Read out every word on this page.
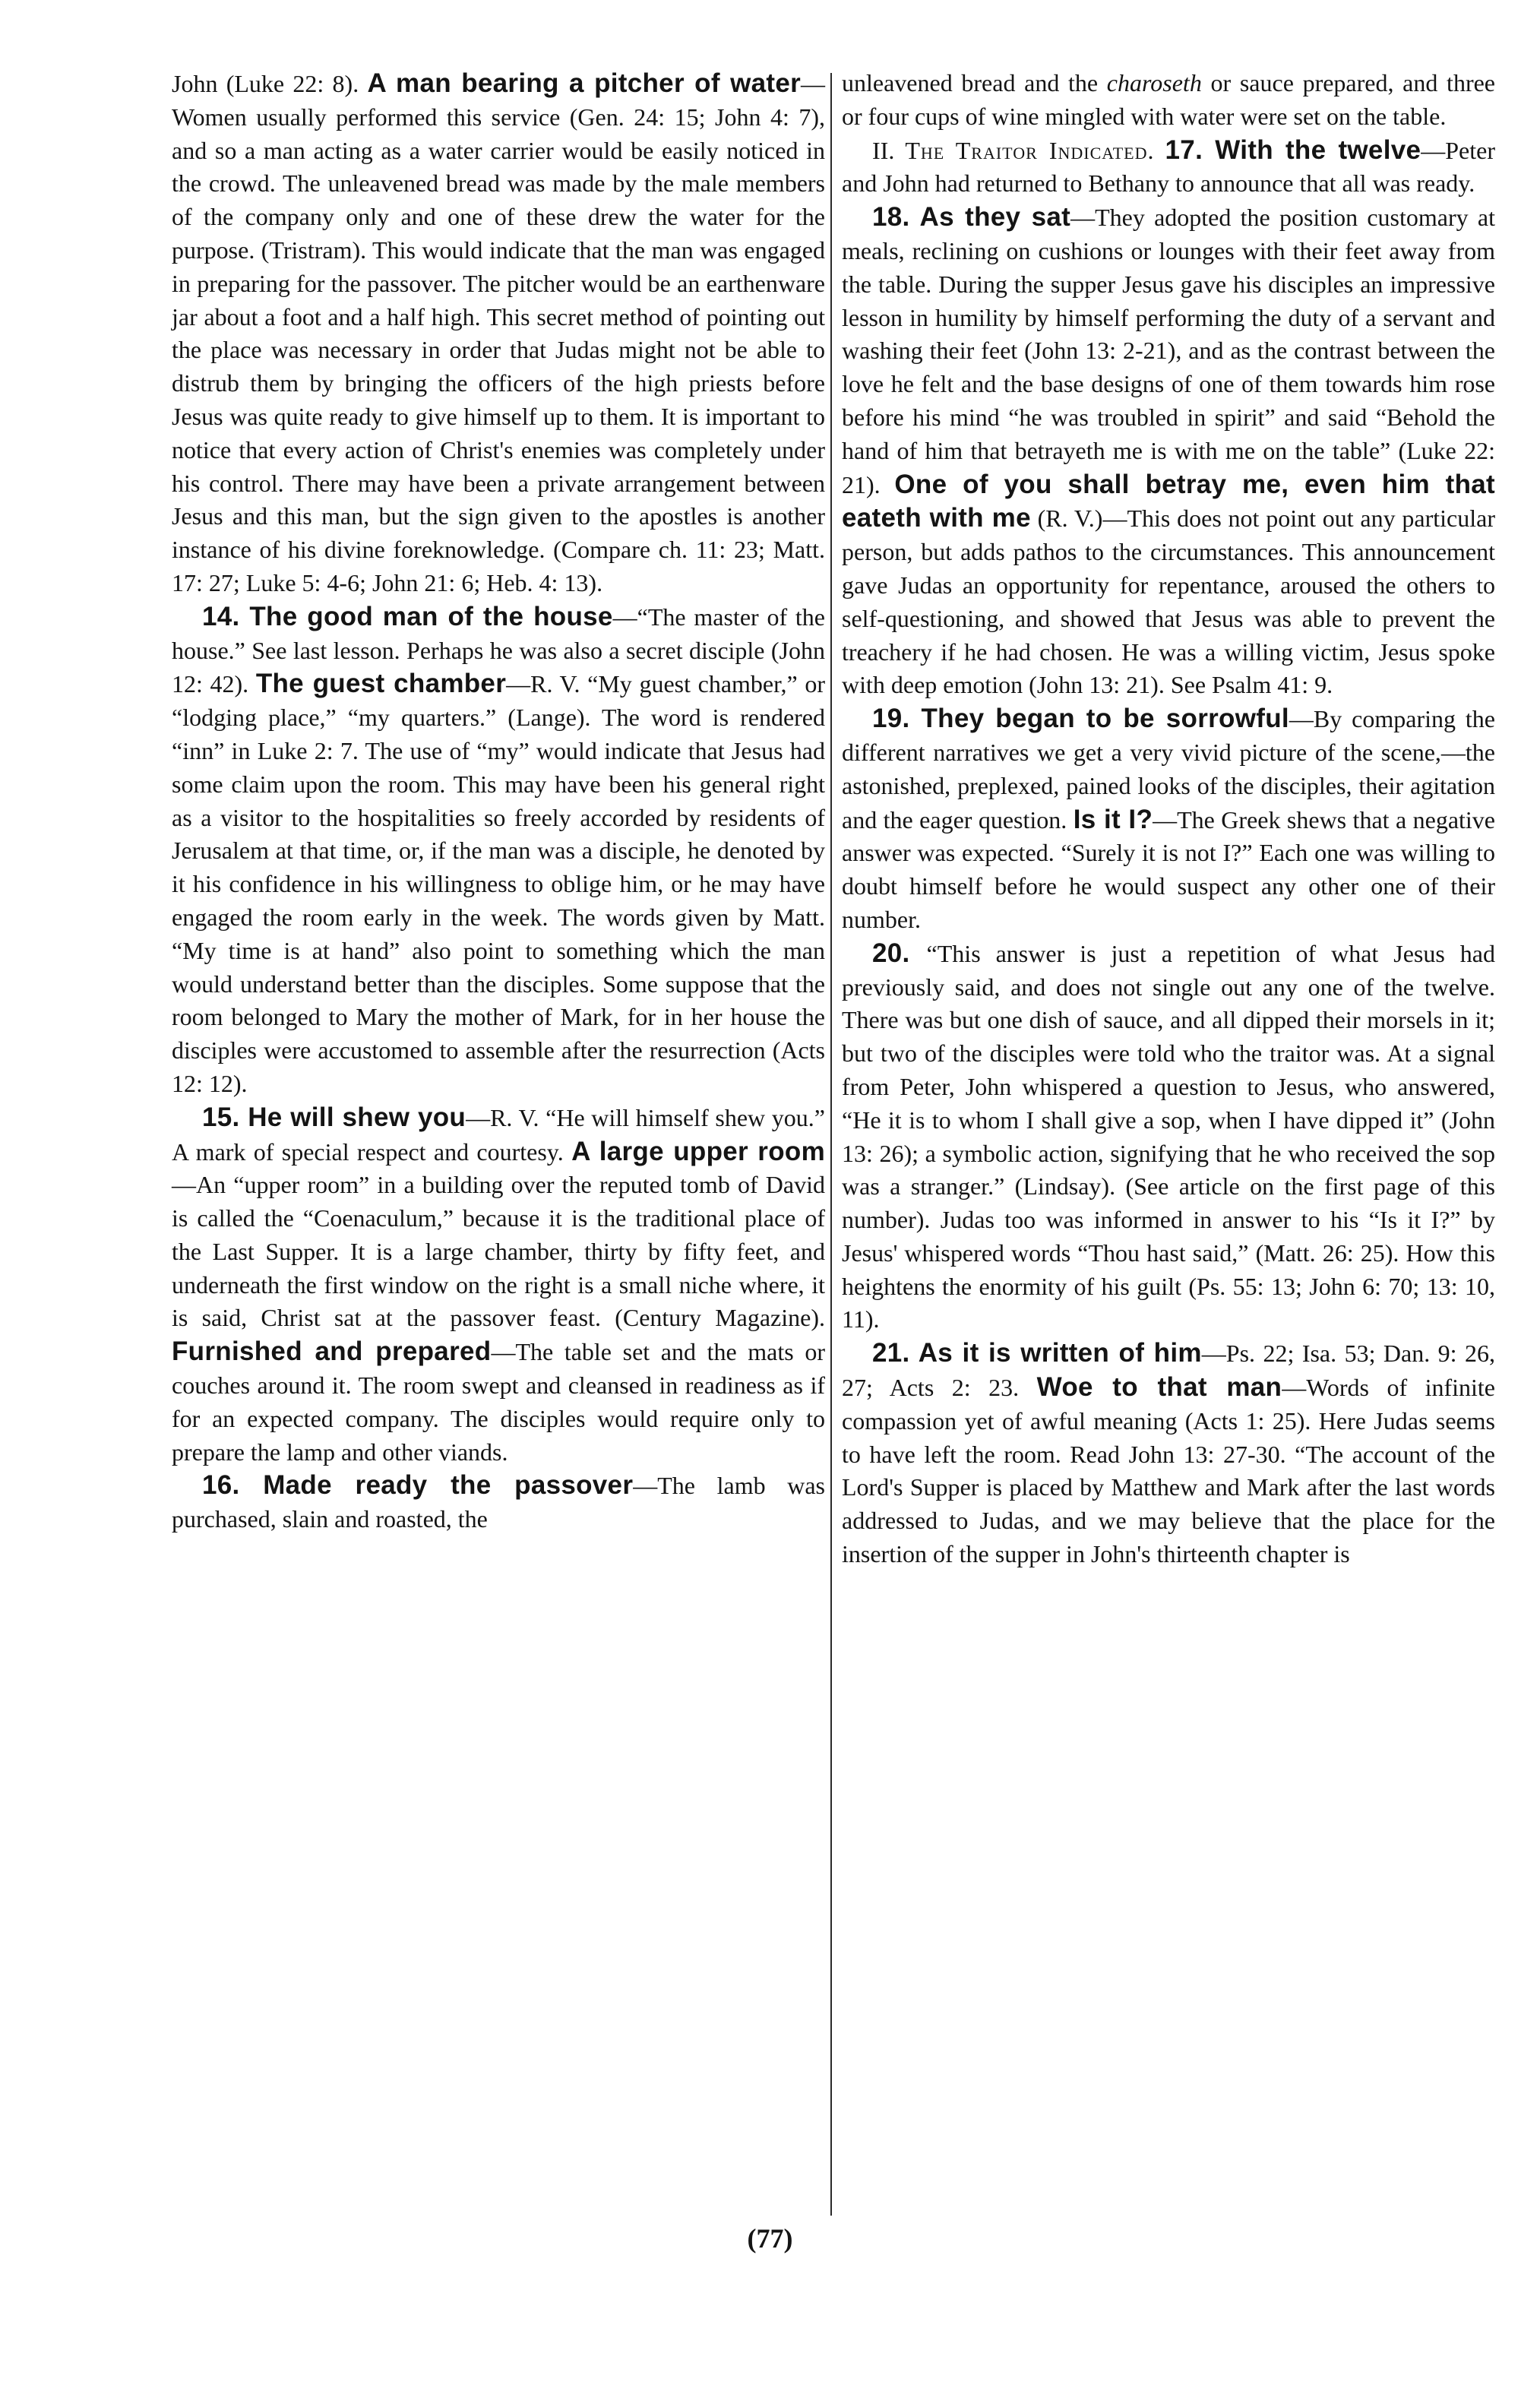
John (Luke 22: 8). A man bearing a pitcher of water—Women usually performed this service (Gen. 24: 15; John 4: 7), and so a man acting as a water carrier would be easily noticed in the crowd. The unleavened bread was made by the male members of the company only and one of these drew the water for the purpose. (Tristram). This would indicate that the man was engaged in preparing for the passover. The pitcher would be an earthenware jar about a foot and a half high. This secret method of pointing out the place was necessary in order that Judas might not be able to distrub them by bringing the officers of the high priests before Jesus was quite ready to give himself up to them. It is important to notice that every action of Christ's enemies was completely under his control. There may have been a private arrangement between Jesus and this man, but the sign given to the apostles is another instance of his divine foreknowledge. (Compare ch. 11: 23; Matt. 17: 27; Luke 5: 4-6; John 21: 6; Heb. 4: 13).

14. The good man of the house—“The master of the house.” See last lesson. Perhaps he was also a secret disciple (John 12: 42). The guest chamber—R. V. “My guest chamber,” or “lodging place,” “my quarters.” (Lange). The word is rendered “inn” in Luke 2: 7. The use of “my” would indicate that Jesus had some claim upon the room. This may have been his general right as a visitor to the hospitalities so freely accorded by residents of Jerusalem at that time, or, if the man was a disciple, he denoted by it his confidence in his willingness to oblige him, or he may have engaged the room early in the week. The words given by Matt. “My time is at hand” also point to something which the man would understand better than the disciples. Some suppose that the room belonged to Mary the mother of Mark, for in her house the disciples were accustomed to assemble after the resurrection (Acts 12: 12).

15. He will shew you—R. V. “He will himself shew you.” A mark of special respect and courtesy. A large upper room—An “upper room” in a building over the reputed tomb of David is called the “Coenaculum,” because it is the traditional place of the Last Supper. It is a large chamber, thirty by fifty feet, and underneath the first window on the right is a small niche where, it is said, Christ sat at the passover feast. (Century Magazine). Furnished and prepared—The table set and the mats or couches around it. The room swept and cleansed in readiness as if for an expected company. The disciples would require only to prepare the lamp and other viands.

16. Made ready the passover—The lamb was purchased, slain and roasted, the

unleavened bread and the charoseth or sauce prepared, and three or four cups of wine mingled with water were set on the table.

II. The Traitor Indicated. 17. With the twelve—Peter and John had returned to Bethany to announce that all was ready.

18. As they sat—They adopted the position customary at meals, reclining on cushions or lounges with their feet away from the table. During the supper Jesus gave his disciples an impressive lesson in humility by himself performing the duty of a servant and washing their feet (John 13: 2-21), and as the contrast between the love he felt and the base designs of one of them towards him rose before his mind “he was troubled in spirit” and said “Behold the hand of him that betrayeth me is with me on the table” (Luke 22: 21). One of you shall betray me, even him that eateth with me (R. V.)—This does not point out any particular person, but adds pathos to the circumstances. This announcement gave Judas an opportunity for repentance, aroused the others to self-questioning, and showed that Jesus was able to prevent the treachery if he had chosen. He was a willing victim, Jesus spoke with deep emotion (John 13: 21). See Psalm 41: 9.

19. They began to be sorrowful—By comparing the different narratives we get a very vivid picture of the scene,—the astonished, preplexed, pained looks of the disciples, their agitation and the eager question. Is it I?—The Greek shews that a negative answer was expected. “Surely it is not I?” Each one was willing to doubt himself before he would suspect any other one of their number.

20. “This answer is just a repetition of what Jesus had previously said, and does not single out any one of the twelve. There was but one dish of sauce, and all dipped their morsels in it; but two of the disciples were told who the traitor was. At a signal from Peter, John whispered a question to Jesus, who answered, “He it is to whom I shall give a sop, when I have dipped it” (John 13: 26); a symbolic action, signifying that he who received the sop was a stranger.” (Lindsay). (See article on the first page of this number). Judas too was informed in answer to his “Is it I?” by Jesus' whispered words “Thou hast said,” (Matt. 26: 25). How this heightens the enormity of his guilt (Ps. 55: 13; John 6: 70; 13: 10, 11).

21. As it is written of him—Ps. 22; Isa. 53; Dan. 9: 26, 27; Acts 2: 23. Woe to that man—Words of infinite compassion yet of awful meaning (Acts 1: 25). Here Judas seems to have left the room. Read John 13: 27-30. “The account of the Lord's Supper is placed by Matthew and Mark after the last words addressed to Judas, and we may believe that the place for the insertion of the supper in John's thirteenth chapter is

(77)
